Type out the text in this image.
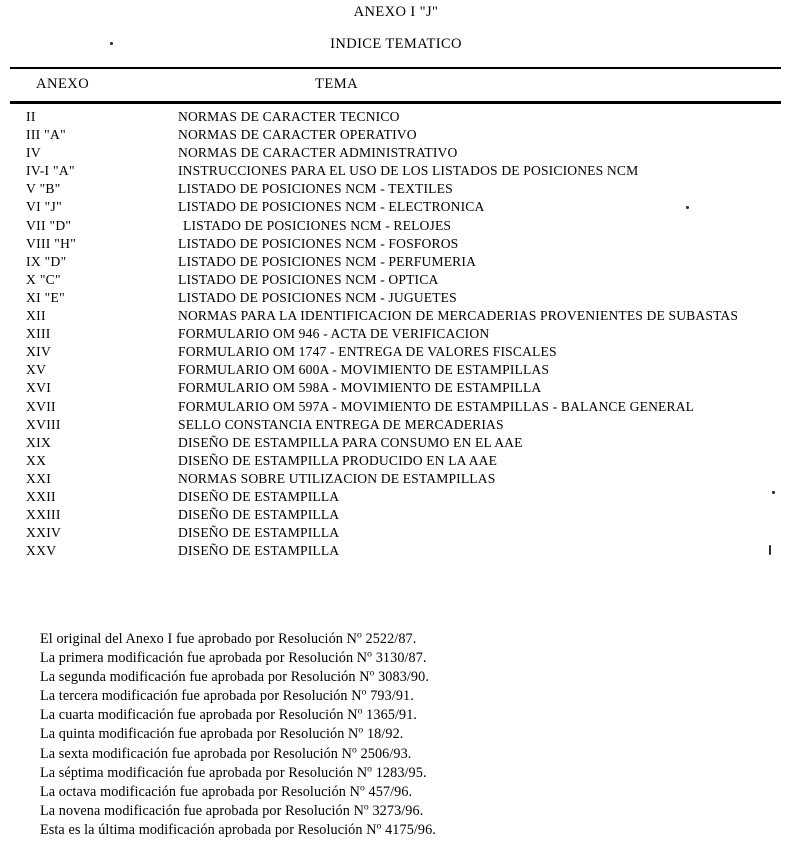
ANEXO I "J"
INDICE TEMATICO
ANEXO	TEMA
II	NORMAS DE CARACTER TECNICO
III "A"	NORMAS DE CARACTER OPERATIVO
IV	NORMAS DE CARACTER ADMINISTRATIVO
IV-I "A"	INSTRUCCIONES PARA EL USO DE LOS LISTADOS DE POSICIONES NCM
V "B"	LISTADO DE POSICIONES NCM - TEXTILES
VI "J"	LISTADO DE POSICIONES NCM - ELECTRONICA
VII "D"	LISTADO DE POSICIONES NCM - RELOJES
VIII "H"	LISTADO DE POSICIONES NCM - FOSFOROS
IX "D"	LISTADO DE POSICIONES NCM - PERFUMERIA
X "C"	LISTADO DE POSICIONES NCM - OPTICA
XI "E"	LISTADO DE POSICIONES NCM - JUGUETES
XII	NORMAS PARA LA IDENTIFICACION DE MERCADERIAS PROVENIENTES DE SUBASTAS
XIII	FORMULARIO OM 946 - ACTA DE VERIFICACION
XIV	FORMULARIO OM 1747 - ENTREGA DE VALORES FISCALES
XV	FORMULARIO OM 600A - MOVIMIENTO DE ESTAMPILLAS
XVI	FORMULARIO OM 598A - MOVIMIENTO DE ESTAMPILLA
XVII	FORMULARIO OM 597A - MOVIMIENTO DE ESTAMPILLAS - BALANCE GENERAL
XVIII	SELLO CONSTANCIA ENTREGA DE MERCADERIAS
XIX	DISEÑO DE ESTAMPILLA PARA CONSUMO EN EL AAE
XX	DISEÑO DE ESTAMPILLA PRODUCIDO EN LA AAE
XXI	NORMAS SOBRE UTILIZACION DE ESTAMPILLAS
XXII	DISEÑO DE ESTAMPILLA
XXIII	DISEÑO DE ESTAMPILLA
XXIV	DISEÑO DE ESTAMPILLA
XXV	DISEÑO DE ESTAMPILLA
El original del Anexo I fue aprobado por Resolución $N^o$ 2522/87.
La primera modificación fue aprobada por Resolución $N^o$ 3130/87.
La segunda modificación fue aprobada por Resolución $N^o$ 3083/90.
La tercera modificación fue aprobada por Resolución $N^o$ 793/91.
La cuarta modificación fue aprobada por Resolución $N^o$ 1365/91.
La quinta modificación fue aprobada por Resolución $N^o$ 18/92.
La sexta modificación fue aprobada por Resolución $N^o$ 2506/93.
La séptima modificación fue aprobada por Resolución $N^o$ 1283/95.
La octava modificación fue aprobada por Resolución $N^o$ 457/96.
La novena modificación fue aprobada por Resolución $N^o$ 3273/96.
Esta es la última modificación aprobada por Resolución $N^o$ 4175/96.
